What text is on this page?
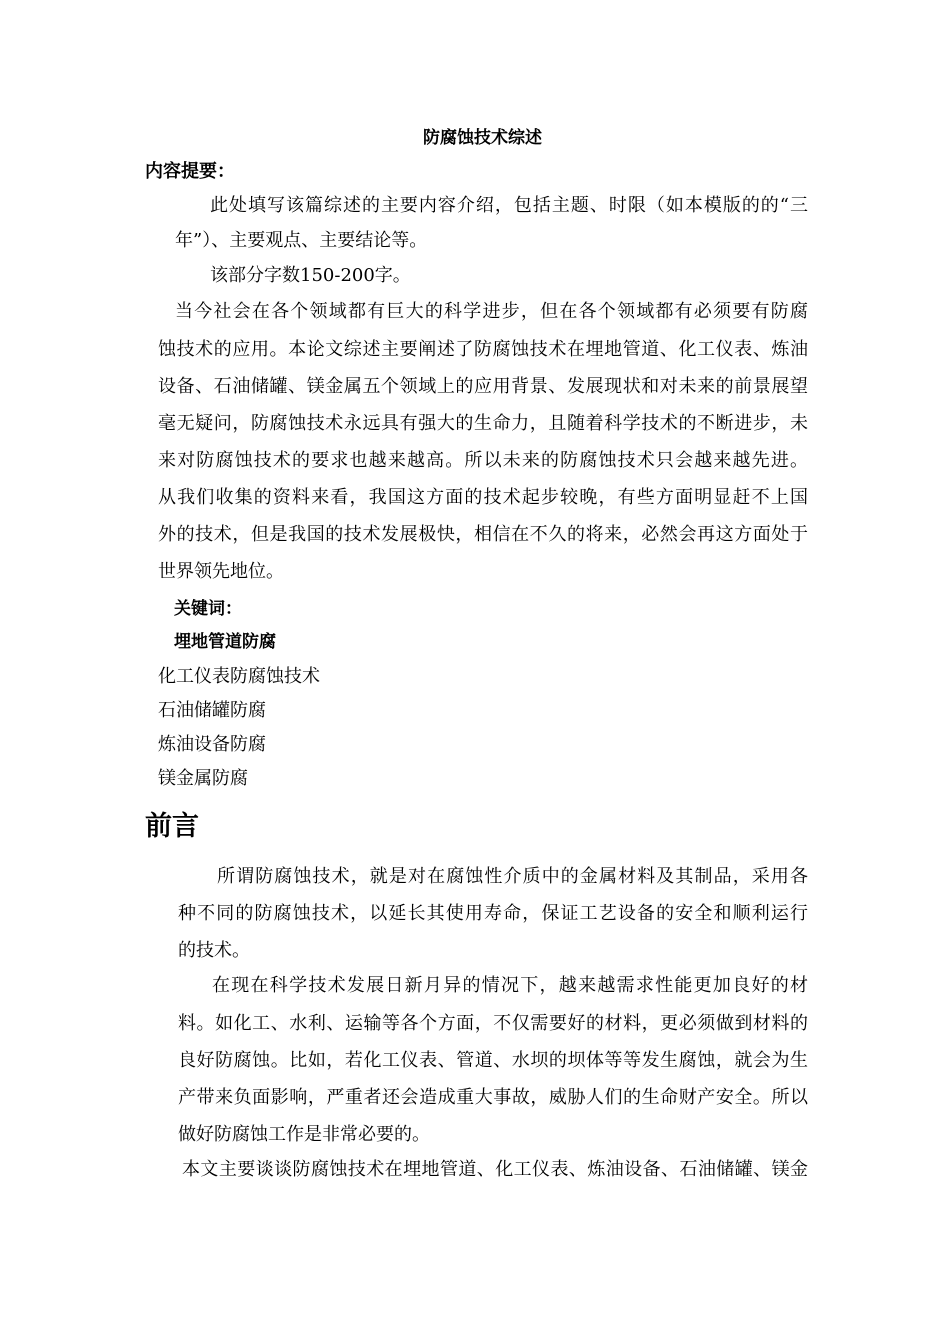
防腐蚀技术综述
内容提要：
此处填写该篇综述的主要内容介绍，包括主题、时限（如本模版的的“三
年”）、主要观点、主要结论等。
该部分字数150-200字。
当今社会在各个领域都有巨大的科学进步，但在各个领域都有必须要有防腐
蚀技术的应用。本论文综述主要阐述了防腐蚀技术在埋地管道、化工仪表、炼油
设备、石油储罐、镁金属五个领域上的应用背景、发展现状和对未来的前景展望
毫无疑问，防腐蚀技术永远具有强大的生命力，且随着科学技术的不断进步，未
来对防腐蚀技术的要求也越来越高。所以未来的防腐蚀技术只会越来越先进。
从我们收集的资料来看，我国这方面的技术起步较晚，有些方面明显赶不上国
外的技术，但是我国的技术发展极快，相信在不久的将来，必然会再这方面处于
世界领先地位。
关键词：
埋地管道防腐
化工仪表防腐蚀技术
石油储罐防腐
炼油设备防腐
镁金属防腐
前言
所谓防腐蚀技术，就是对在腐蚀性介质中的金属材料及其制品，采用各
种不同的防腐蚀技术，以延长其使用寿命，保证工艺设备的安全和顺利运行
的技术。
在现在科学技术发展日新月异的情况下，越来越需求性能更加良好的材
料。如化工、水利、运输等各个方面，不仅需要好的材料，更必须做到材料的
良好防腐蚀。比如，若化工仪表、管道、水坝的坝体等等发生腐蚀，就会为生
产带来负面影响，严重者还会造成重大事故，威胁人们的生命财产安全。所以
做好防腐蚀工作是非常必要的。
本文主要谈谈防腐蚀技术在埋地管道、化工仪表、炼油设备、石油储罐、镁金
